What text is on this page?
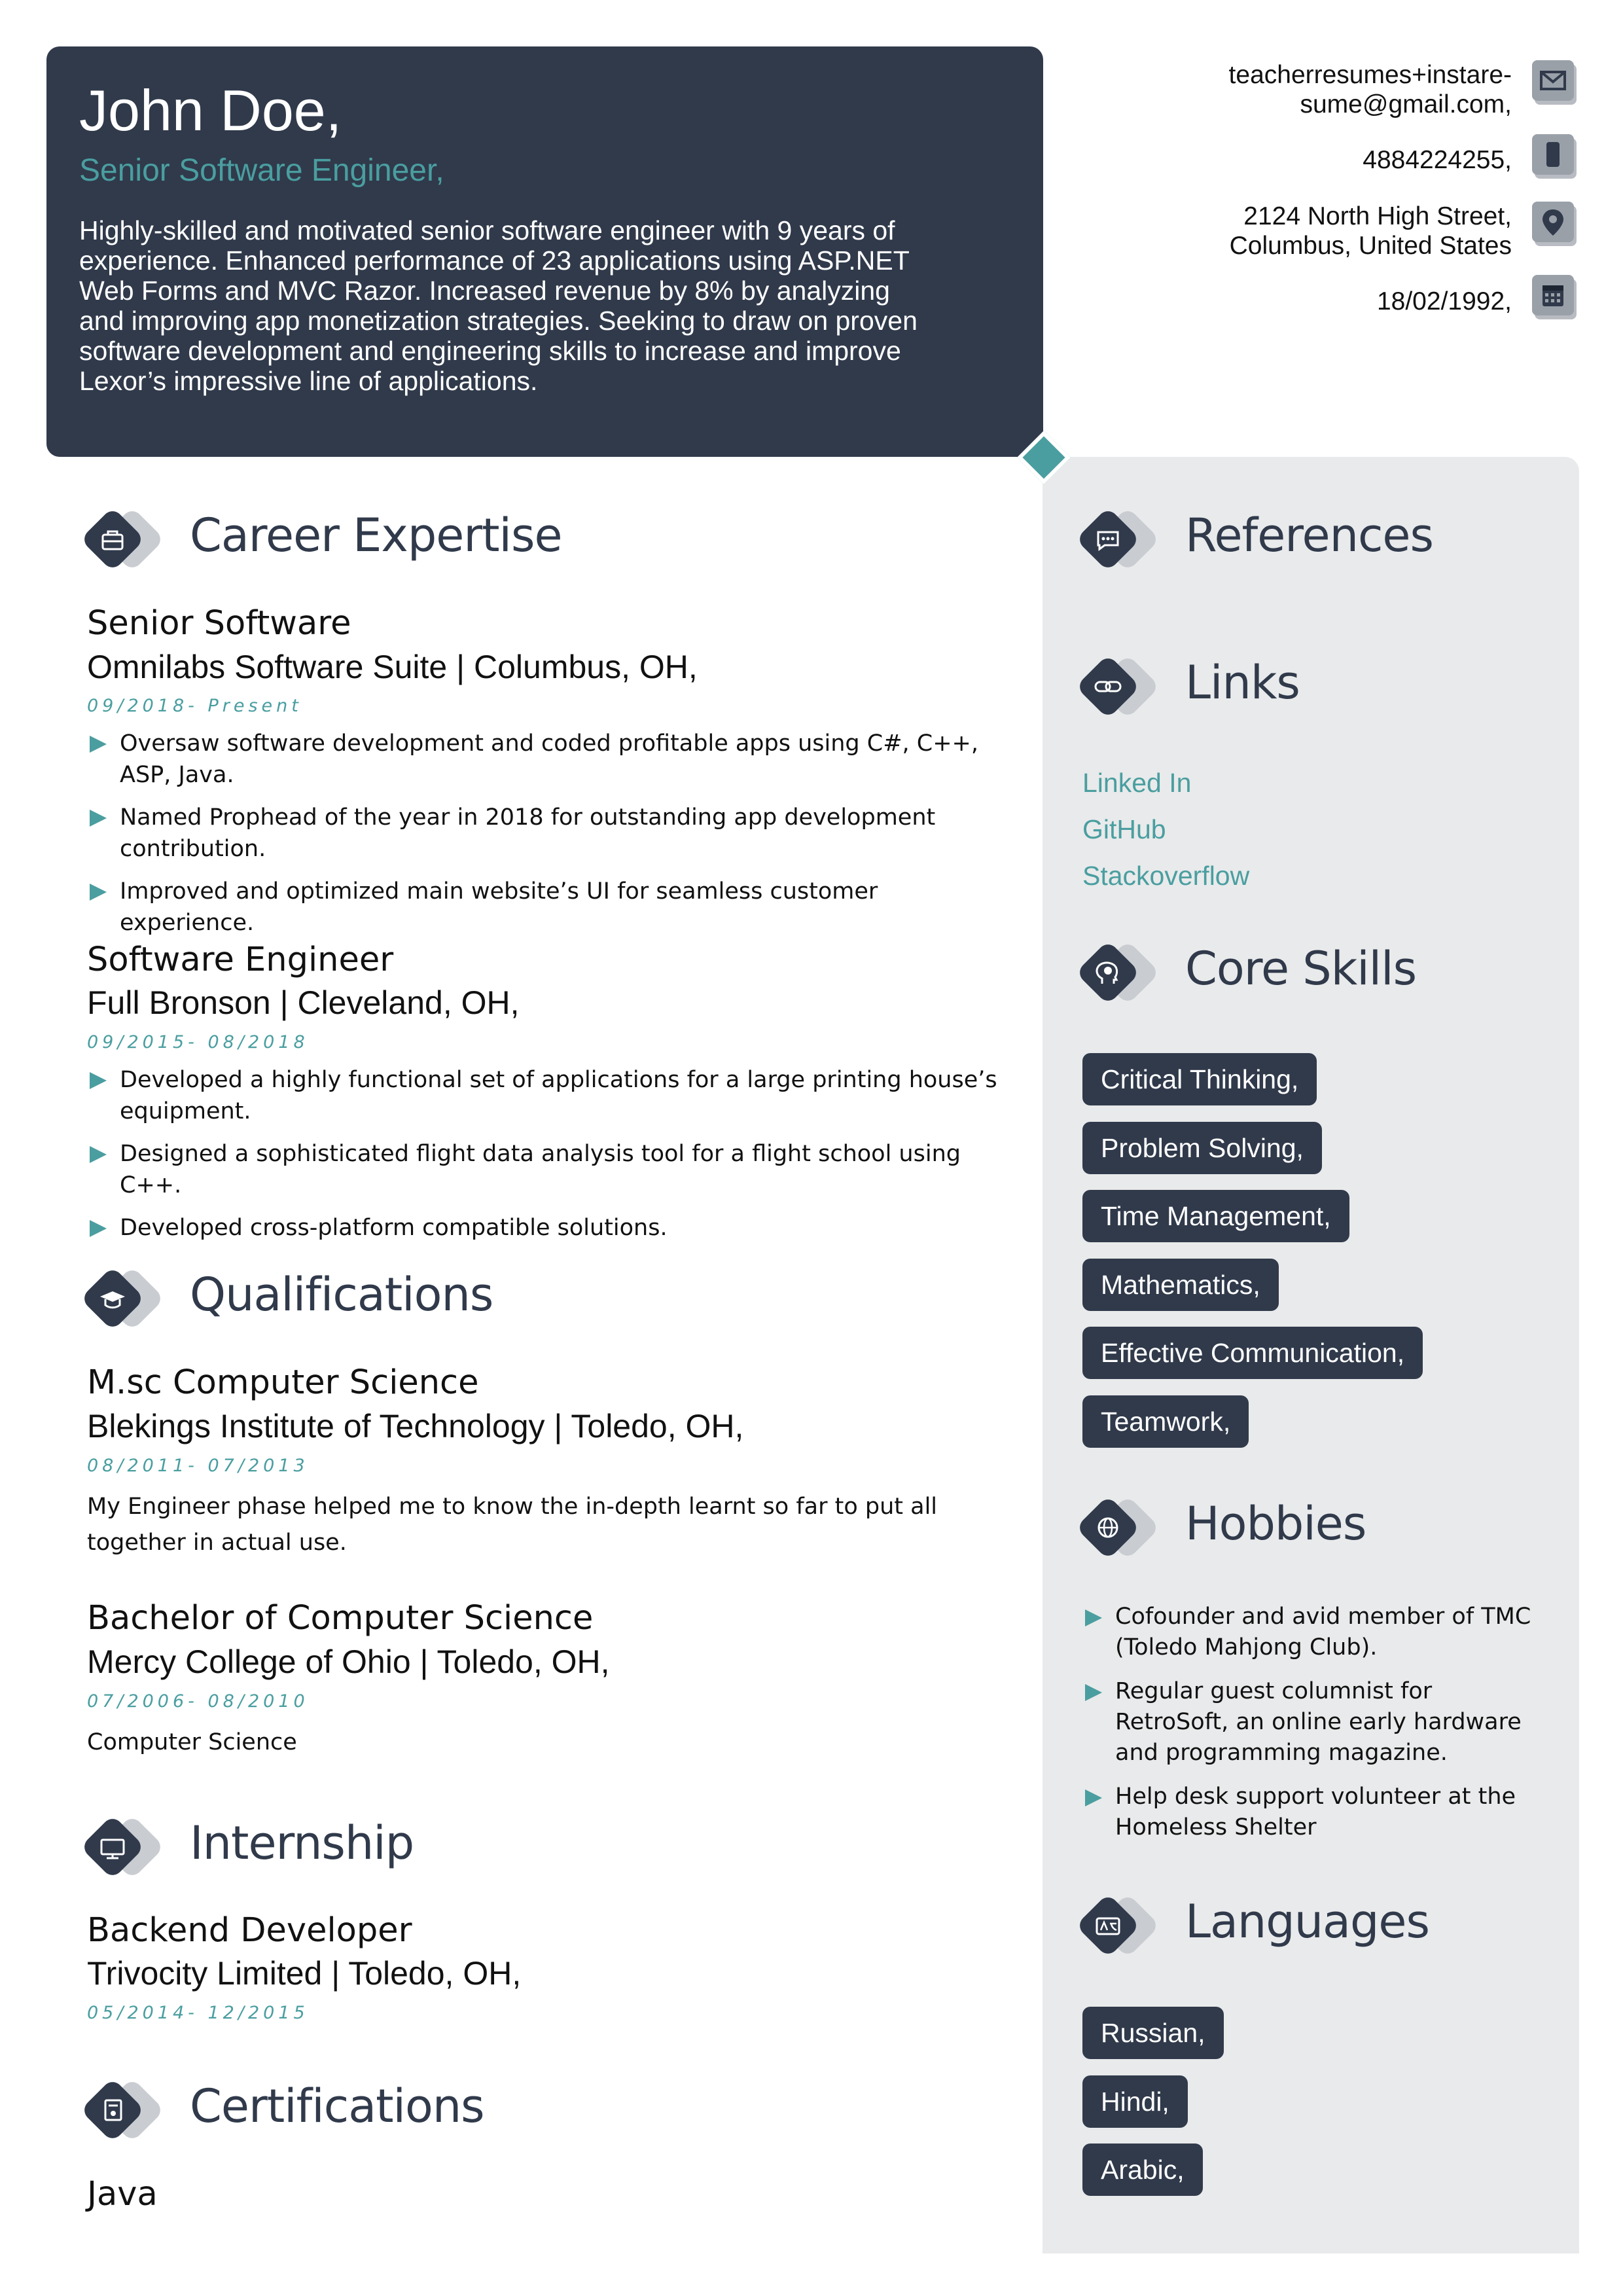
John Doe,
Senior Software Engineer,
Highly-skilled and motivated senior software engineer with 9 years of experience. Enhanced performance of 23 applications using ASP.NET Web Forms and MVC Razor. Increased revenue by 8% by analyzing and improving app monetization strategies. Seeking to draw on proven software development and engineering skills to increase and improve Lexor’s impressive line of applications.
teacherresumes+instare-
sume@gmail.com,
4884224255,
2124 North High Street,
Columbus, United States
18/02/1992,
Career Expertise
Senior Software
Omnilabs Software Suite | Columbus, OH,
09/2018- Present
Oversaw software development and coded profitable apps using C#, C++, ASP, Java.
Named Prophead of the year in 2018 for outstanding app development contribution.
Improved and optimized main website’s UI for seamless customer experience.
Software Engineer
Full Bronson | Cleveland, OH,
09/2015- 08/2018
Developed a highly functional set of applications for a large printing house’s equipment.
Designed a sophisticated flight data analysis tool for a flight school using C++.
Developed cross-platform compatible solutions.
Qualifications
M.sc Computer Science
Blekings Institute of Technology | Toledo, OH,
08/2011- 07/2013
My Engineer phase helped me to know the in-depth learnt so far to put all together in actual use.
Bachelor of Computer Science
Mercy College of Ohio | Toledo, OH,
07/2006- 08/2010
Computer Science
Internship
Backend Developer
Trivocity Limited | Toledo, OH,
05/2014- 12/2015
Certifications
Java
References
Links
Linked In
GitHub
Stackoverflow
Core Skills
Critical Thinking,
Problem Solving,
Time Management,
Mathematics,
Effective Communication,
Teamwork,
Hobbies
Cofounder and avid member of TMC (Toledo Mahjong Club).
Regular guest columnist for RetroSoft, an online early hardware and programming magazine.
Help desk support volunteer at the Homeless Shelter
Languages
Russian,
Hindi,
Arabic,
